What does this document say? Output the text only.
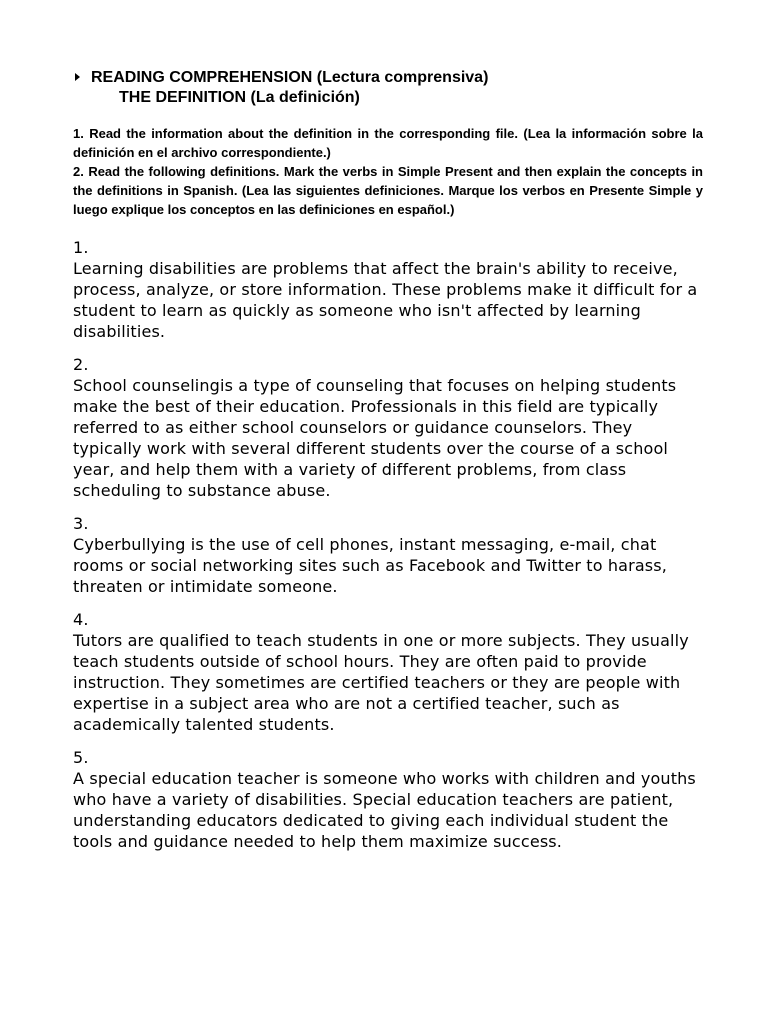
READING COMPREHENSION (Lectura comprensiva)
THE DEFINITION (La definición)

1. Read the information about the definition in the corresponding file. (Lea la información sobre la definición en el archivo correspondiente.)

2. Read the following definitions. Mark the verbs in Simple Present and then explain the concepts in the definitions in Spanish. (Lea las siguientes definiciones. Marque los verbos en Presente Simple y luego explique los conceptos en las definiciones en español.)

1.
Learning disabilities are problems that affect the brain's ability to receive, process, analyze, or store information. These problems make it difficult for a student to learn as quickly as someone who isn't affected by learning disabilities.
2.
School counselingis a type of counseling that focuses on helping students make the best of their education. Professionals in this field are typically referred to as either school counselors or guidance counselors. They typically work with several different students over the course of a school year, and help them with a variety of different problems, from class scheduling to substance abuse.
3.
Cyberbullying is the use of cell phones, instant messaging, e-mail, chat rooms or social networking sites such as Facebook and Twitter to harass, threaten or intimidate someone.
4.
Tutors are qualified to teach students in one or more subjects. They usually teach students outside of school hours. They are often paid to provide instruction. They sometimes are certified teachers or they are people with expertise in a subject area who are not a certified teacher, such as academically talented students.
5.
A special education teacher is someone who works with children and youths who have a variety of disabilities. Special education teachers are patient, understanding educators dedicated to giving each individual student the tools and guidance needed to help them maximize success.
